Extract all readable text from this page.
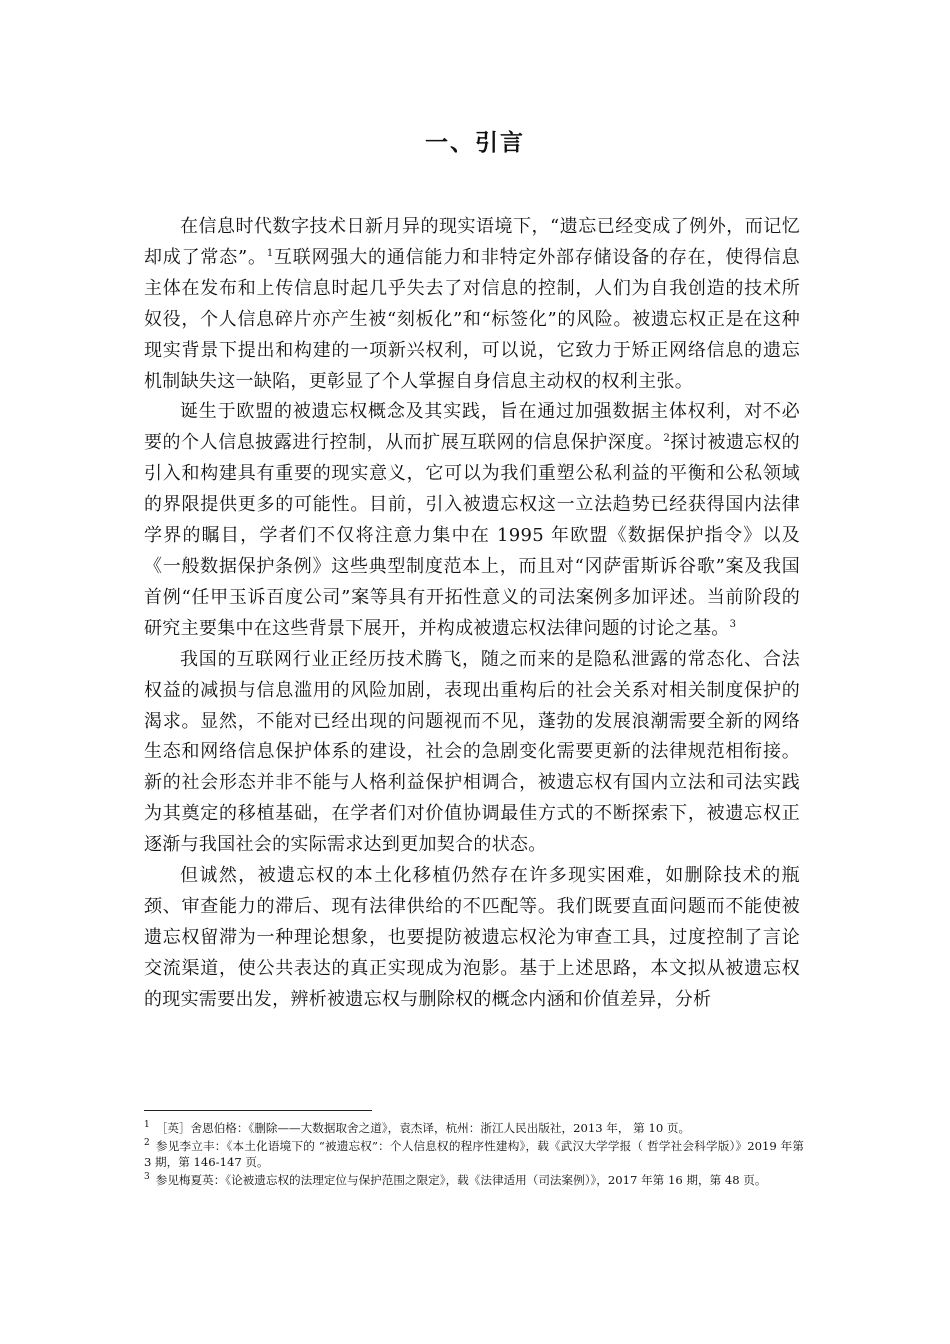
一、引言

在信息时代数字技术日新月异的现实语境下，“遗忘已经变成了例外，而记忆却成了常态”。$^1$互联网强大的通信能力和非特定外部存储设备的存在，使得信息主体在发布和上传信息时起几乎失去了对信息的控制，人们为自我创造的技术所奴役，个人信息碎片亦产生被“刻板化”和“标签化”的风险。被遗忘权正是在这种现实背景下提出和构建的一项新兴权利，可以说，它致力于矫正网络信息的遗忘机制缺失这一缺陷，更彰显了个人掌握自身信息主动权的权利主张。

诞生于欧盟的被遗忘权概念及其实践，旨在通过加强数据主体权利，对不必要的个人信息披露进行控制，从而扩展互联网的信息保护深度。$^2$探讨被遗忘权的引入和构建具有重要的现实意义，它可以为我们重塑公私利益的平衡和公私领域的界限提供更多的可能性。目前，引入被遗忘权这一立法趋势已经获得国内法律学界的瞩目，学者们不仅将注意力集中在 1995 年欧盟《数据保护指令》以及《一般数据保护条例》这些典型制度范本上，而且对“冈萨雷斯诉谷歌”案及我国首例“任甲玉诉百度公司”案等具有开拓性意义的司法案例多加评述。当前阶段的研究主要集中在这些背景下展开，并构成被遗忘权法律问题的讨论之基。$^3$

我国的互联网行业正经历技术腾飞，随之而来的是隐私泄露的常态化、合法权益的减损与信息滥用的风险加剧，表现出重构后的社会关系对相关制度保护的渴求。显然，不能对已经出现的问题视而不见，蓬勃的发展浪潮需要全新的网络生态和网络信息保护体系的建设，社会的急剧变化需要更新的法律规范相衔接。新的社会形态并非不能与人格利益保护相调合，被遗忘权有国内立法和司法实践为其奠定的移植基础，在学者们对价值协调最佳方式的不断探索下，被遗忘权正逐渐与我国社会的实际需求达到更加契合的状态。

但诚然，被遗忘权的本土化移植仍然存在许多现实困难，如删除技术的瓶颈、审查能力的滞后、现有法律供给的不匹配等。我们既要直面问题而不能使被遗忘权留滞为一种理论想象，也要提防被遗忘权沦为审查工具，过度控制了言论交流渠道，使公共表达的真正实现成为泡影。基于上述思路，本文拟从被遗忘权的现实需要出发，辨析被遗忘权与删除权的概念内涵和价值差异，分析

$^1$ ［英］舍恩伯格：《删除——大数据取舍之道》，袁杰译，杭州：浙江人民出版社，2013 年， 第 10 页。

$^2$ 参见李立丰：《本土化语境下的 “被遗忘权”：个人信息权的程序性建构》，载《武汉大学学报（ 哲学社会科学版）》2019 年第 3 期，第 146-147 页。

$^3$ 参见梅夏英：《论被遗忘权的法理定位与保护范围之限定》，载《法律适用（司法案例）》，2017 年第 16 期，第 48 页。
